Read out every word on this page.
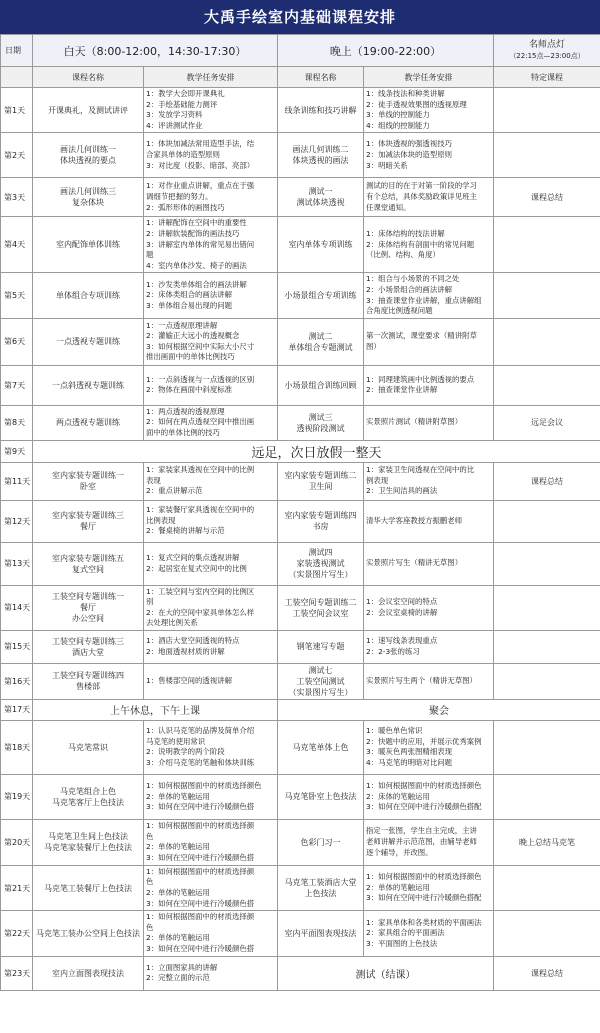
大禹手绘室内基础课程安排
日期	白天（8:00-12:00，14:30-17:30）		晚上（19:00-22:00）		名师点灯
（22:15点—23:00点）

	课程名称	教学任务安排	课程名称	教学任务安排	特定课程
第1天	开课典礼，及测试讲评	1：教学大会即开课典礼
2：手绘基础能力测评
3：发放学习资料
4：评讲测试作业	线条训练和技巧讲解	1：线条技法和种类讲解
2：徒手透视效果图的透视原理
3：单线的控制能力
4：组线的控制能力	

第2天	画法几何训练一
体块透视的要点	1：体块加减法常用造型手法，结
合家具单体的造型原则
3：对比度（投影、暗部、亮部）	画法几何训练二
体块透视的画法	1：体块透视的强透视技巧
2：加减法体块的造型原则
3：明暗关系	

第3天	画法几何训练三
复杂体块	1：对作业重点讲解，重点在于强
调细节把握的努力。
2：弧形形体的画图技巧	测试一
测试体块透视	测试的目的在于对第一阶段的学习
有个总结，具体奖励政策详见班主
任课堂通知。	课程总结
第4天	室内配饰单体训练	1：讲解配饰在空间中的重要性
2：讲解软装配饰的画法技巧
3：讲解室内单体的常见易出错问
题
4：室内单体沙发、椅子的画法	室内单体专项训练	1：床体结构的技法讲解
2：床体结构有剖面中的常见问题
（比例、结构、角度）	

第5天	单体组合专项训练	1：沙发类单体组合的画法讲解
2：床体类组合的画法讲解
3：单体组合易出现的问题	小场景组合专项训练	1：组合与小场景的不同之处
2：小场景组合的画法讲解
3：抽查课堂作业讲解，重点讲解组
合角度比例透视问题	

第6天	一点透视专题训练	1：一点透视原理讲解
2：灌输正大远小的透视概念
3：如何根据空间中实际大小尺寸
推出画面中的单体比例技巧	测试二
单体组合专题测试	第一次测试，课堂要求（精讲附草
图）	

第7天	一点斜透视专题训练	1：一点斜透视与一点透视的区别
2：物体在画面中斜度标准	小场景组合训练回顾	1：同理建筑画中比例透视的要点
2：抽查课堂作业讲解	

第8天	两点透视专题训练	1：两点透视的透视原理
2：如何在两点透视空间中推出画
面中的单体比例的技巧	测试三
透视阶段测试	实景照片测试（精讲附草图）	远足会议
第9天	远足，次日放假一整天				
第11天	室内家装专题训练一
卧室	1：家装家具透视在空间中的比例
表现
2：重点讲解示范	室内家装专题训练二
卫生间	1：家装卫生间透视在空间中的比
例表现
2：卫生间洁具的画法	课程总结
第12天	室内家装专题训练三
餐厅	1：家装餐厅家具透视在空间中的
比例表现
2：餐桌椅的讲解与示范	室内家装专题训练四
书房	清华大学客座教授方振鹏老师	

第13天	室内家装专题训练五
复式空间	1：复式空间的集点透视讲解
2：起居室在复式空间中的比例	测试四
家装透视测试
（实景图片写生）	实景照片写生（精讲无草图）	

第14天	工装空间专题训练一
餐厅
办公空间	1：工装空间与室内空间的比例区
别
2：在大的空间中家具单体怎么样
去处理比例关系	工装空间专题训练二
工装空间会议室	1：会议室空间的特点
2：会议室桌椅的讲解	

第15天	工装空间专题训练三
酒店大堂	1：酒店大堂空间透视的特点
2：地面透视材质的讲解	钢笔速写专题	1：速写线条表现重点
2：2-3张的练习	

第16天	工装空间专题训练四
售楼部	1：售楼部空间的透视讲解	测试七
工装空间测试
（实景图片写生）	实景照片写生两个（精讲无草图）	

第17天	上午休息，下午上课		聚会		
第18天	马克笔常识	1：认识马克笔的品牌及简单介绍
马克笔的使用常识
2：说明教学的两个阶段
3：介绍马克笔的笔触和体块训练	马克笔单体上色	1：暖色单色常识
2：快题中的应用，并展示优秀案例
3：暖灰色两张图精细表现
4：马克笔的明暗对比问题	

第19天	马克笔组合上色
马克笔客厅上色技法	1：如何根据图面中的材质选择颜色
2：单体的笔触运用
3：如何在空间中进行冷暖颜色搭	马克笔卧室上色技法	1：如何根据图面中的材质选择颜色
2：床体的笔触运用
3：如何在空间中进行冷暖颜色搭配	

第20天	马克笔卫生间上色技法
马克笔家装餐厅上色技法	1：如何根据图面中的材质选择颜
色
2：单体的笔触运用
3：如何在空间中进行冷暖颜色搭	色彩门习一	指定一张图，学生自主完成，主讲
老师讲解并示范范图，由辅导老师
逐个辅导，并改图。	晚上总结马克笔
第21天	马克笔工装餐厅上色技法	1：如何根据图面中的材质选择颜
色
2：单体的笔触运用
3：如何在空间中进行冷暖颜色搭	马克笔工装酒店大堂
上色技法	1：如何根据图面中的材质选择颜色
2：单体的笔触运用
3：如何在空间中进行冷暖颜色搭配	

第22天	马克笔工装办公空间上色技法	1：如何根据图面中的材质选择颜
色
2：单体的笔触运用
3：如何在空间中进行冷暖颜色搭	室内平面图表现技法	1：家具单体和各类材质的平面画法
2：家具组合的平面画法
3：平面图的上色技法	

第23天	室内立面图表现技法	1：立面图家具的讲解
2：完整立面的示范	测试（结课）		课程总结
